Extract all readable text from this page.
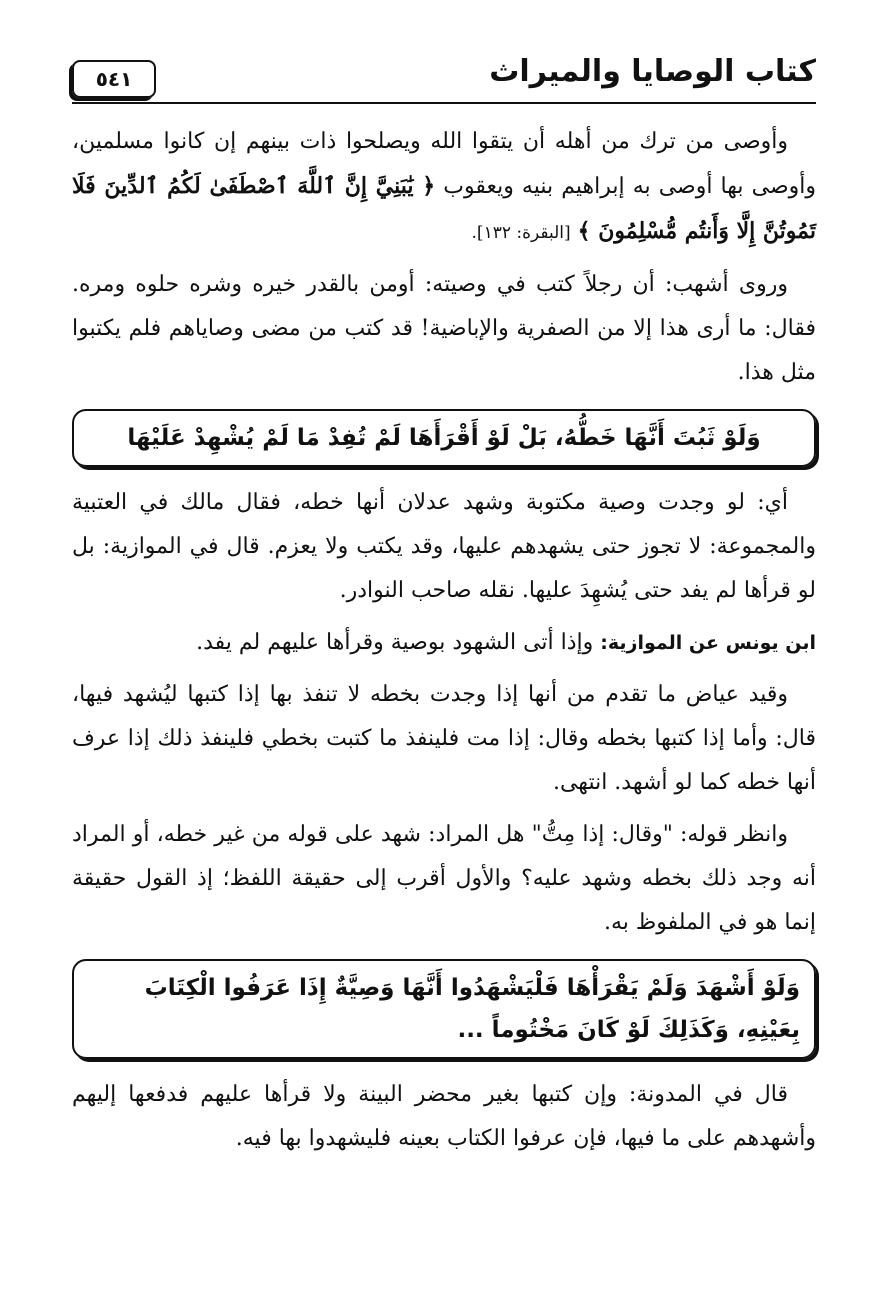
كتاب الوصايا والميراث
٥٤١

وأوصى من ترك من أهله أن يتقوا الله ويصلحوا ذات بينهم إن كانوا مسلمين، وأوصى بها أوصى به إبراهيم بنيه ويعقوب ﴿ يَٰبَنِيَّ إِنَّ ٱللَّهَ ٱصْطَفَىٰ لَكُمُ ٱلدِّينَ فَلَا تَمُوتُنَّ إِلَّا وَأَنتُم مُّسْلِمُونَ ﴾ [البقرة: ١٣٢].

وروى أشهب: أن رجلاً كتب في وصيته: أومن بالقدر خيره وشره حلوه ومره. فقال: ما أرى هذا إلا من الصفرية والإباضية! قد كتب من مضى وصاياهم فلم يكتبوا مثل هذا.

وَلَوْ ثَبُتَ أَنَّهَا خَطُّهُ، بَلْ لَوْ أَقْرَأَهَا لَمْ تُفِدْ مَا لَمْ يُشْهِدْ عَلَيْهَا

أي: لو وجدت وصية مكتوبة وشهد عدلان أنها خطه، فقال مالك في العتبية والمجموعة: لا تجوز حتى يشهدهم عليها، وقد يكتب ولا يعزم. قال في الموازية: بل لو قرأها لم يفد حتى يُشهِدَ عليها. نقله صاحب النوادر.

ابن يونس عن الموازية: وإذا أتى الشهود بوصية وقرأها عليهم لم يفد.

وقيد عياض ما تقدم من أنها إذا وجدت بخطه لا تنفذ بها إذا كتبها ليُشهد فيها، قال: وأما إذا كتبها بخطه وقال: إذا مت فلينفذ ما كتبت بخطي فلينفذ ذلك إذا عرف أنها خطه كما لو أشهد. انتهى.

وانظر قوله: "وقال: إذا مِتُّ" هل المراد: شهد على قوله من غير خطه، أو المراد أنه وجد ذلك بخطه وشهد عليه؟ والأول أقرب إلى حقيقة اللفظ؛ إذ القول حقيقة إنما هو في الملفوظ به.

وَلَوْ أَشْهَدَ وَلَمْ يَقْرَأْهَا فَلْيَشْهَدُوا أَنَّهَا وَصِيَّةٌ إِذَا عَرَفُوا الْكِتَابَ بِعَيْنِهِ، وَكَذَلِكَ لَوْ كَانَ مَخْتُوماً ...

قال في المدونة: وإن كتبها بغير محضر البينة ولا قرأها عليهم فدفعها إليهم وأشهدهم على ما فيها، فإن عرفوا الكتاب بعينه فليشهدوا بها فيه.
